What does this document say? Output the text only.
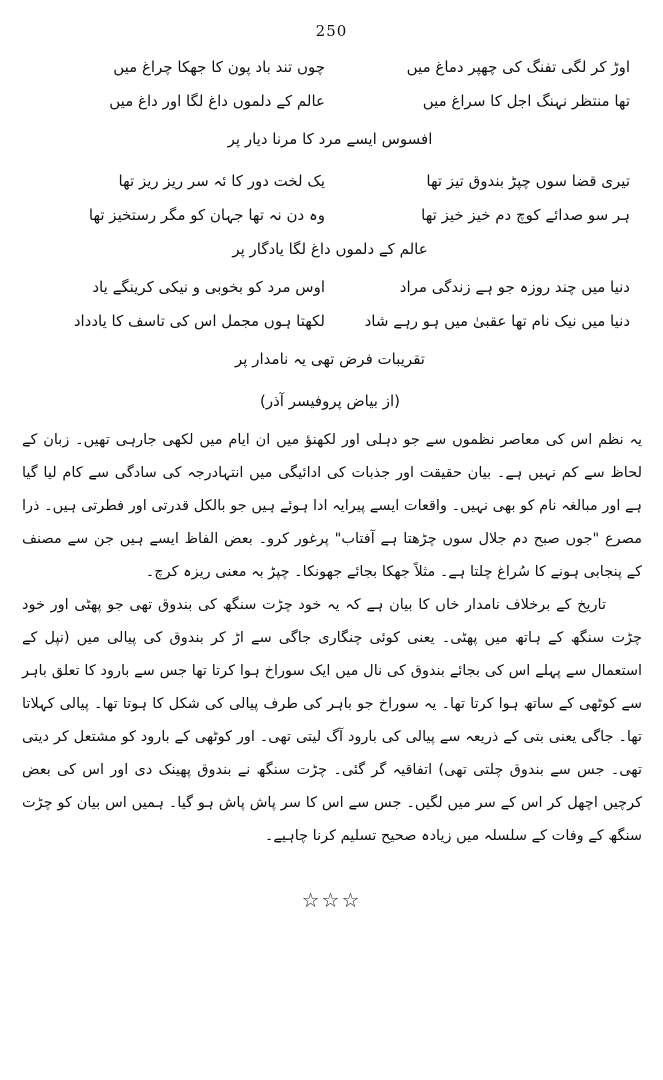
250
اوڑ کر لگی تفنگ کی چھپر دماغ میں
چوں تند باد پون کا جھکا چراغ میں
تھا منتظر نہنگ اجل کا سراغ میں
عالم کے دلموں داغ لگا اور داغ میں
افسوس ایسے مرد کا مرنا دیار پر
تیری قضا سوں چپڑ بندوق تیز تھا
یک لخت دور کا ئہ سر ریز ریز تھا
ہر سو صدائے کوچ دم خیز خیز تھا
وہ دن نہ تھا جہان کو مگر رستخیز تھا
عالم کے دلموں داغ لگا یادگار پر
دنیا میں چند روزہ جو ہے زندگی مراد
اوس مرد کو بخوبی و نیکی کرینگے یاد
دنیا میں نیک نام تھا عقبیٰ میں ہو رہے شاد
لکھتا ہوں مجمل اس کی تاسف کا یادداد
تقریبات فرض تھی یہ نامدار پر
(از بیاض پروفیسر آذر)

یہ نظم اس کی معاصر نظموں سے جو دہلی اور لکھنؤ میں ان ایام میں لکھی جارہی تھیں۔ زبان کے لحاظ سے کم نہیں ہے۔ بیان حقیقت اور جذبات کی ادائیگی میں انتہادرجہ کی سادگی سے کام لیا گیا ہے اور مبالغہ نام کو بھی نہیں۔ واقعات ایسے پیرایہ ادا ہوئے ہیں جو بالکل قدرتی اور فطرتی ہیں۔ ذرا مصرع "جوں صبح دم جلال سوں چڑھتا ہے آفتاب" پرغور کرو۔ بعض الفاظ ایسے ہیں جن سے مصنف کے پنجابی ہونے کا سُراغ چلتا ہے۔ مثلاً جھکا بجائے جھونکا۔ چپڑ بہ معنی ریزہ کرچ۔

تاریخ کے برخلاف نامدار خاں کا بیان ہے کہ یہ خود چڑت سنگھ کی بندوق تھی جو پھٹی اور خود چڑت سنگھ کے ہاتھ میں پھٹی۔ یعنی کوئی چنگاری جاگی سے اڑ کر بندوق کی پیالی میں (نپل کے استعمال سے پہلے اس کی بجائے بندوق کی نال میں ایک سوراخ ہوا کرتا تھا جس سے بارود کا تعلق باہر سے کوٹھی کے ساتھ ہوا کرتا تھا۔ یہ سوراخ جو باہر کی طرف پیالی کی شکل کا ہوتا تھا۔ پیالی کہلاتا تھا۔ جاگی یعنی بتی کے ذریعہ سے پیالی کی بارود آگ لیتی تھی۔ اور کوٹھی کے بارود کو مشتعل کر دیتی تھی۔ جس سے بندوق چلتی تھی) اتفاقیہ گر گئی۔ چڑت سنگھ نے بندوق پھینک دی اور اس کی بعض کرچیں اچھل کر اس کے سر میں لگیں۔ جس سے اس کا سر پاش پاش ہو گیا۔ ہمیں اس بیان کو چڑت سنگھ کے وفات کے سلسلہ میں زیادہ صحیح تسلیم کرنا چاہیے۔

☆☆☆
